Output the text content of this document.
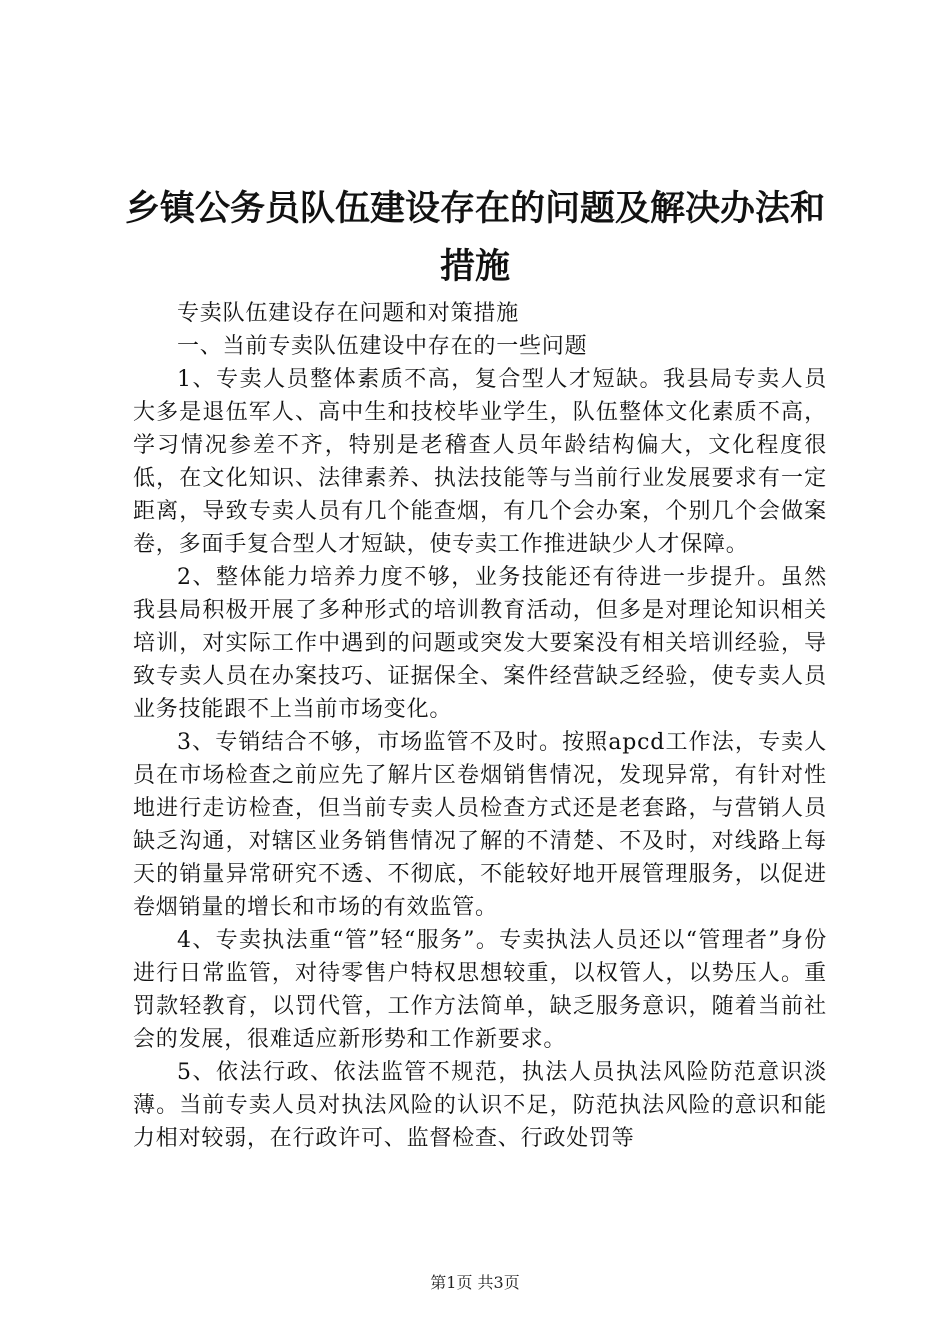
乡镇公务员队伍建设存在的问题及解决办法和
措施

专卖队伍建设存在问题和对策措施

一、当前专卖队伍建设中存在的一些问题

1、专卖人员整体素质不高，复合型人才短缺。我县局专卖人员大多是退伍军人、高中生和技校毕业学生，队伍整体文化素质不高，学习情况参差不齐，特别是老稽查人员年龄结构偏大，文化程度很低，在文化知识、法律素养、执法技能等与当前行业发展要求有一定距离，导致专卖人员有几个能查烟，有几个会办案，个别几个会做案卷，多面手复合型人才短缺，使专卖工作推进缺少人才保障。

2、整体能力培养力度不够，业务技能还有待进一步提升。虽然我县局积极开展了多种形式的培训教育活动，但多是对理论知识相关培训，对实际工作中遇到的问题或突发大要案没有相关培训经验，导致专卖人员在办案技巧、证据保全、案件经营缺乏经验，使专卖人员业务技能跟不上当前市场变化。

3、专销结合不够，市场监管不及时。按照apcd工作法，专卖人员在市场检查之前应先了解片区卷烟销售情况，发现异常，有针对性地进行走访检查，但当前专卖人员检查方式还是老套路，与营销人员缺乏沟通，对辖区业务销售情况了解的不清楚、不及时，对线路上每天的销量异常研究不透、不彻底，不能较好地开展管理服务，以促进卷烟销量的增长和市场的有效监管。

4、专卖执法重“管”轻“服务”。专卖执法人员还以“管理者”身份进行日常监管，对待零售户特权思想较重，以权管人，以势压人。重罚款轻教育，以罚代管，工作方法简单，缺乏服务意识，随着当前社会的发展，很难适应新形势和工作新要求。

5、依法行政、依法监管不规范，执法人员执法风险防范意识淡薄。当前专卖人员对执法风险的认识不足，防范执法风险的意识和能力相对较弱，在行政许可、监督检查、行政处罚等

第1页 共3页
